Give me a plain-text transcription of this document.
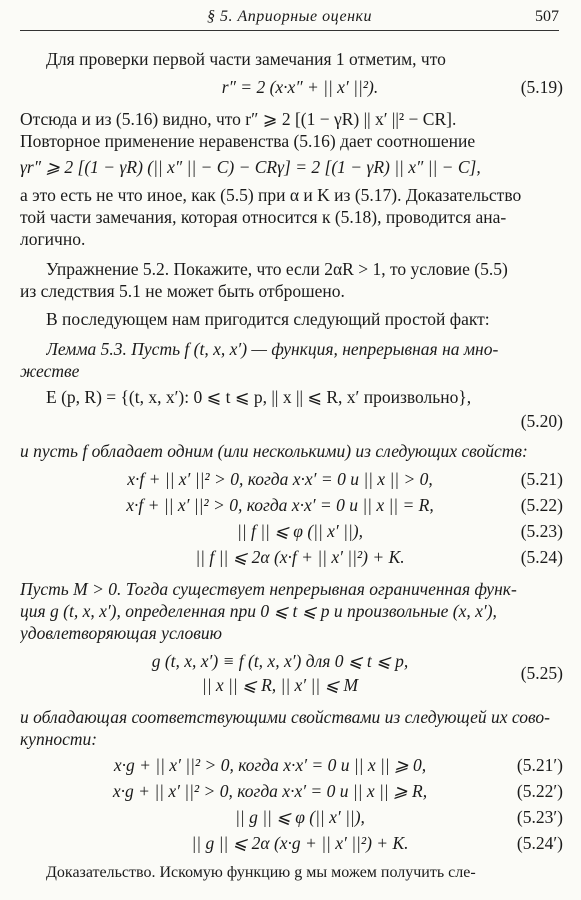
§ 5. Априорные оценки	507
Для проверки первой части замечания 1 отметим, что
r″ = 2 (x·x″ + || x′ ||²).	(5.19)
Отсюда и из (5.16) видно, что r″ ⩾ 2 [(1 − γR) || x′ ||² − CR].
Повторное применение неравенства (5.16) дает соотношение
γr″ ⩾ 2 [(1 − γR) (|| x″ || − C) − CRγ] = 2 [(1 − γR) || x″ || − C],
а это есть не что иное, как (5.5) при α и K из (5.17). Доказательство
той части замечания, которая относится к (5.18), проводится ана-
логично.
Упражнение 5.2. Покажите, что если 2αR > 1, то условие (5.5)
из следствия 5.1 не может быть отброшено.
В последующем нам пригодится следующий простой факт:
Лемма 5.3. Пусть f (t, x, x′) — функция, непрерывная на мно-
жестве
E (p, R) = {(t, x, x′): 0 ⩽ t ⩽ p, || x || ⩽ R, x′ произвольно},
(5.20)
и пусть f обладает одним (или несколькими) из следующих свойств:
x·f + || x′ ||² > 0, когда x·x′ = 0 и || x || > 0,	(5.21)
x·f + || x′ ||² > 0, когда x·x′ = 0 и || x || = R,	(5.22)
|| f || ⩽ φ (|| x′ ||),	(5.23)
|| f || ⩽ 2α (x·f + || x′ ||²) + K.	(5.24)
Пусть M > 0. Тогда существует непрерывная ограниченная функ-
ция g (t, x, x′), определенная при 0 ⩽ t ⩽ p и произвольные (x, x′),
удовлетворяющая условию
g (t, x, x′) ≡ f (t, x, x′) для 0 ⩽ t ⩽ p,
|| x || ⩽ R, || x′ || ⩽ M
(5.25)
и обладающая соответствующими свойствами из следующей их сово-
купности:
x·g + || x′ ||² > 0, когда x·x′ = 0 и || x || ⩾ 0,	(5.21′)
x·g + || x′ ||² > 0, когда x·x′ = 0 и || x || ⩾ R,	(5.22′)
|| g || ⩽ φ (|| x′ ||),	(5.23′)
|| g || ⩽ 2α (x·g + || x′ ||²) + K.	(5.24′)
Доказательство. Искомую функцию g мы можем получить сле-
